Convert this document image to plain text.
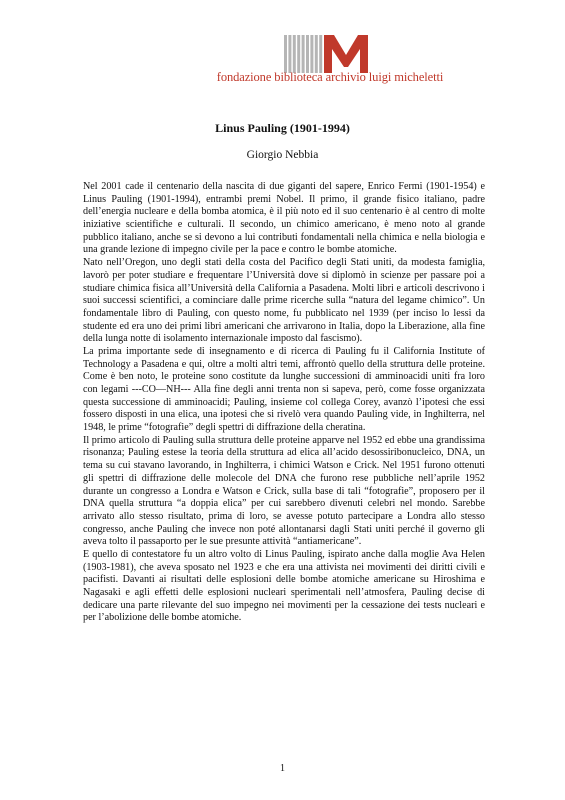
fondazione biblioteca archivio luigi micheletti
Linus Pauling (1901-1994)
Giorgio Nebbia

Nel 2001 cade il centenario della nascita di due giganti del sapere, Enrico Fermi (1901-1954) e Linus Pauling (1901-1994), entrambi premi Nobel. Il primo, il grande fisico italiano, padre dell’energia nucleare e della bomba atomica, è il più noto ed il suo centenario è al centro di molte iniziative scientifiche e culturali. Il secondo, un chimico americano, è meno noto al grande pubblico italiano, anche se si devono a lui contributi fondamentali nella chimica e nella biologia e una grande lezione di impegno civile per la pace e contro le bombe atomiche.

Nato nell’Oregon, uno degli stati della costa del Pacifico degli Stati uniti, da modesta famiglia, lavorò per poter studiare e frequentare l’Università dove si diplomò in scienze per passare poi a studiare chimica fisica all’Università della California a Pasadena. Molti libri e articoli descrivono i suoi successi scientifici, a cominciare dalle prime ricerche sulla “natura del legame chimico”. Un fondamentale libro di Pauling, con questo nome, fu pubblicato nel 1939 (per inciso lo lessi da studente ed era uno dei primi libri americani che arrivarono in Italia, dopo la Liberazione, alla fine della lunga notte di isolamento internazionale imposto dal fascismo).

La prima importante sede di insegnamento e di ricerca di Pauling fu il California Institute of Technology a Pasadena e qui, oltre a molti altri temi, affrontò quello della struttura delle proteine. Come è ben noto, le proteine sono costitute da lunghe successioni di amminoacidi uniti fra loro con legami ---CO—NH--- Alla fine degli anni trenta non si sapeva, però, come fosse organizzata questa successione di amminoacidi; Pauling, insieme col collega Corey, avanzò l’ipotesi che essi fossero disposti in una elica, una ipotesi che si rivelò vera quando Pauling vide, in Inghilterra, nel 1948, le prime “fotografie” degli spettri di diffrazione della cheratina.

Il primo articolo di Pauling sulla struttura delle proteine apparve nel 1952 ed ebbe una grandissima risonanza; Pauling estese la teoria della struttura ad elica all’acido desossiribonucleico, DNA, un tema su cui stavano lavorando, in Inghilterra, i chimici Watson e Crick. Nel 1951 furono ottenuti gli spettri di diffrazione delle molecole del DNA che furono rese pubbliche nell’aprile 1952 durante un congresso a Londra e Watson e Crick, sulla base di tali “fotografie”, proposero per il DNA quella struttura “a doppia elica” per cui sarebbero divenuti celebri nel mondo. Sarebbe arrivato allo stesso risultato, prima di loro, se avesse potuto partecipare a Londra allo stesso congresso, anche Pauling che invece non poté allontanarsi dagli Stati uniti perché il governo gli aveva tolto il passaporto per le sue presunte attività “antiamericane”.

E quello di contestatore fu un altro volto di Linus Pauling, ispirato anche dalla moglie Ava Helen (1903-1981), che aveva sposato nel 1923 e che era una attivista nei movimenti dei diritti civili e pacifisti. Davanti ai risultati delle esplosioni delle bombe atomiche americane su Hiroshima e Nagasaki e agli effetti delle esplosioni nucleari sperimentali nell’atmosfera, Pauling decise di dedicare una parte rilevante del suo impegno nei movimenti per la cessazione dei tests nucleari e per l’abolizione delle bombe atomiche.

1
